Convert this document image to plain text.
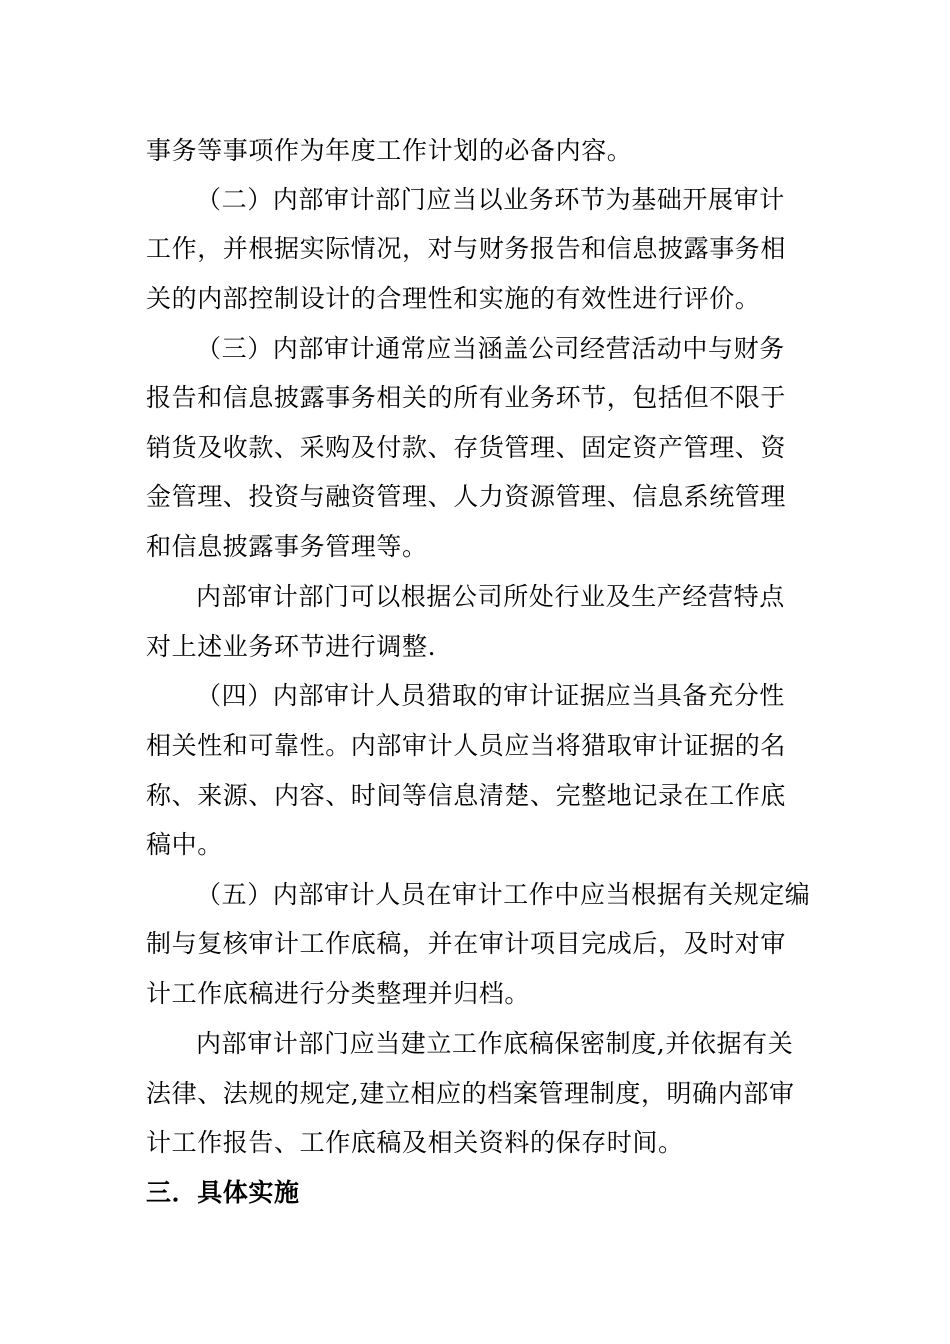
事务等事项作为年度工作计划的必备内容。
（二）内部审计部门应当以业务环节为基础开展审计
工作，并根据实际情况，对与财务报告和信息披露事务相
关的内部控制设计的合理性和实施的有效性进行评价。
（三）内部审计通常应当涵盖公司经营活动中与财务
报告和信息披露事务相关的所有业务环节，包括但不限于
销货及收款、采购及付款、存货管理、固定资产管理、资
金管理、投资与融资管理、人力资源管理、信息系统管理
和信息披露事务管理等。
内部审计部门可以根据公司所处行业及生产经营特点
对上述业务环节进行调整.
（四）内部审计人员猎取的审计证据应当具备充分性
相关性和可靠性。内部审计人员应当将猎取审计证据的名
称、来源、内容、时间等信息清楚、完整地记录在工作底
稿中。
（五）内部审计人员在审计工作中应当根据有关规定编
制与复核审计工作底稿，并在审计项目完成后，及时对审
计工作底稿进行分类整理并归档。
内部审计部门应当建立工作底稿保密制度,并依据有关
法律、法规的规定,建立相应的档案管理制度，明确内部审
计工作报告、工作底稿及相关资料的保存时间。
三．具体实施
